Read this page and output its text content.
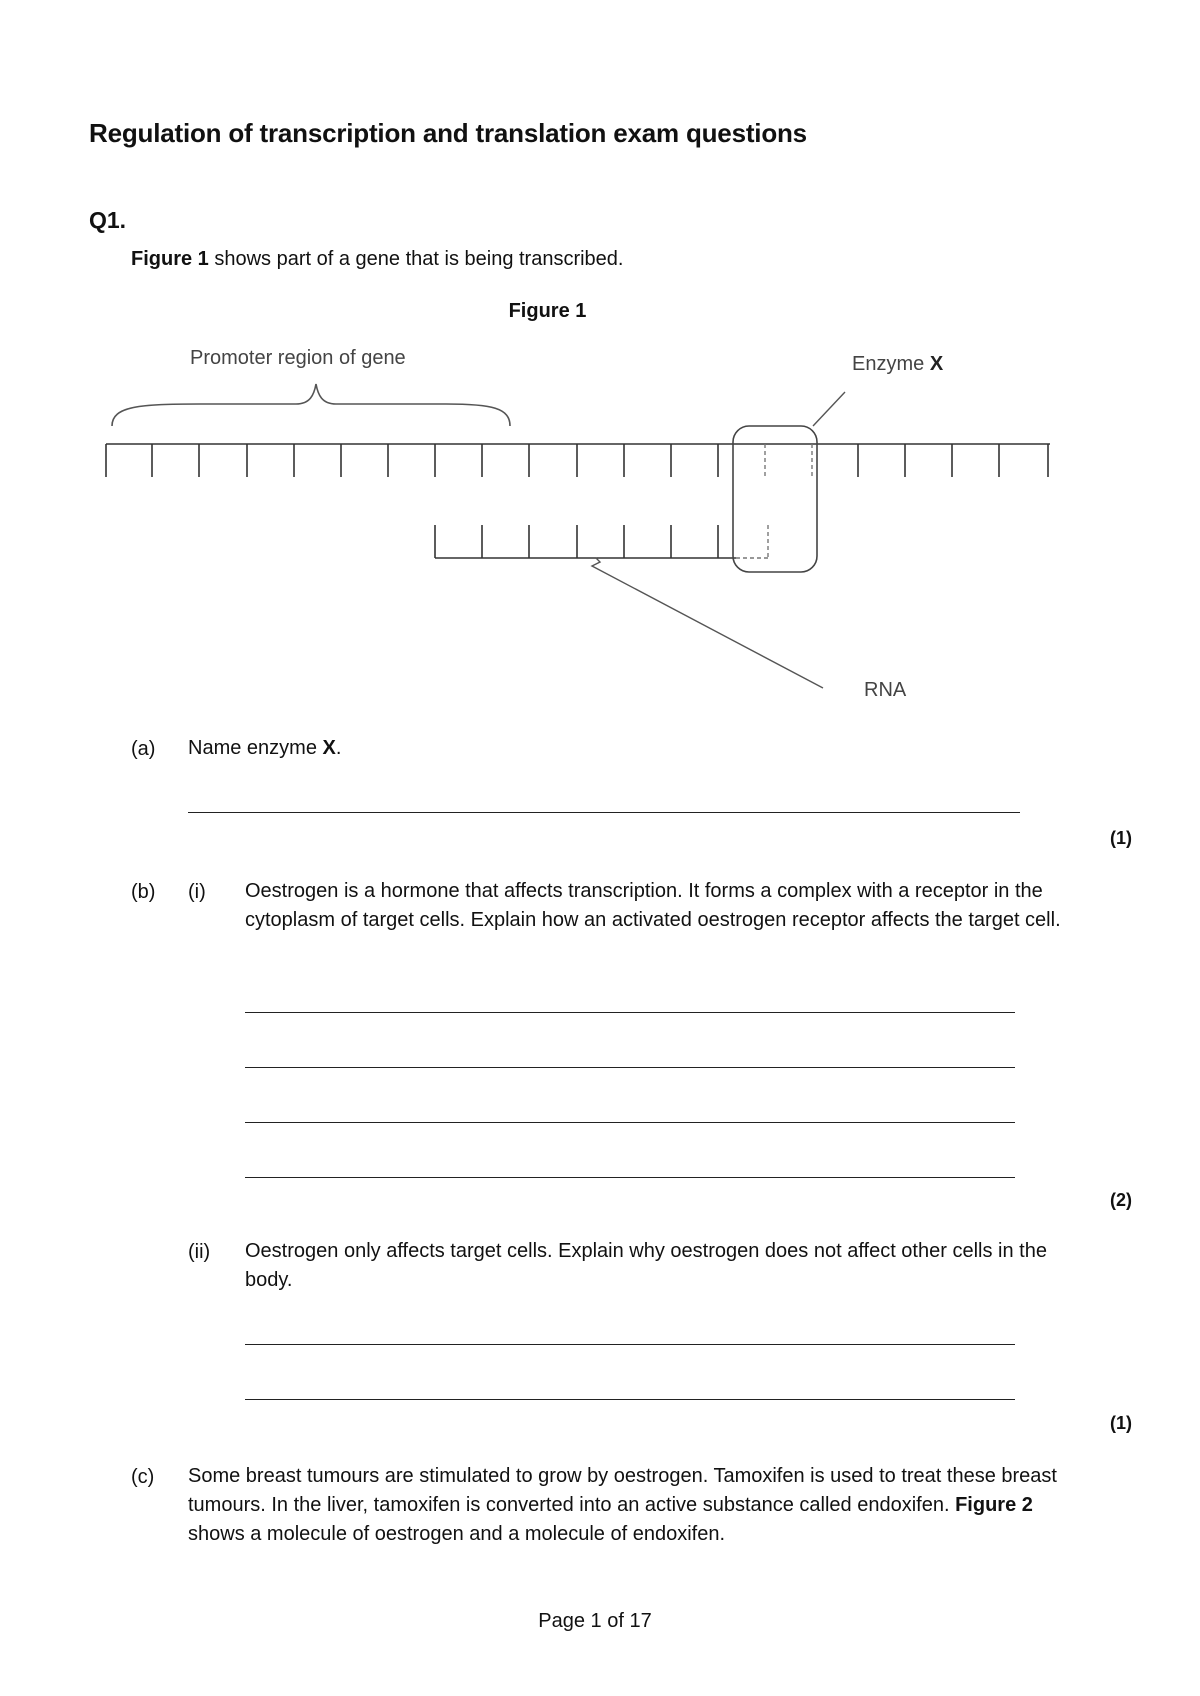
Regulation of transcription and translation exam questions
Q1.
Figure 1 shows part of a gene that is being transcribed.
Figure 1
Promoter region of gene	Enzyme X
RNA
(a) Name enzyme X.
(1)
(b) (i) Oestrogen is a hormone that affects transcription. It forms a complex with a receptor in the cytoplasm of target cells. Explain how an activated oestrogen receptor affects the target cell.
(2)
(ii) Oestrogen only affects target cells. Explain why oestrogen does not affect other cells in the body.
(1)
(c) Some breast tumours are stimulated to grow by oestrogen. Tamoxifen is used to treat these breast tumours. In the liver, tamoxifen is converted into an active substance called endoxifen. Figure 2 shows a molecule of oestrogen and a molecule of endoxifen.
Page 1 of 17
